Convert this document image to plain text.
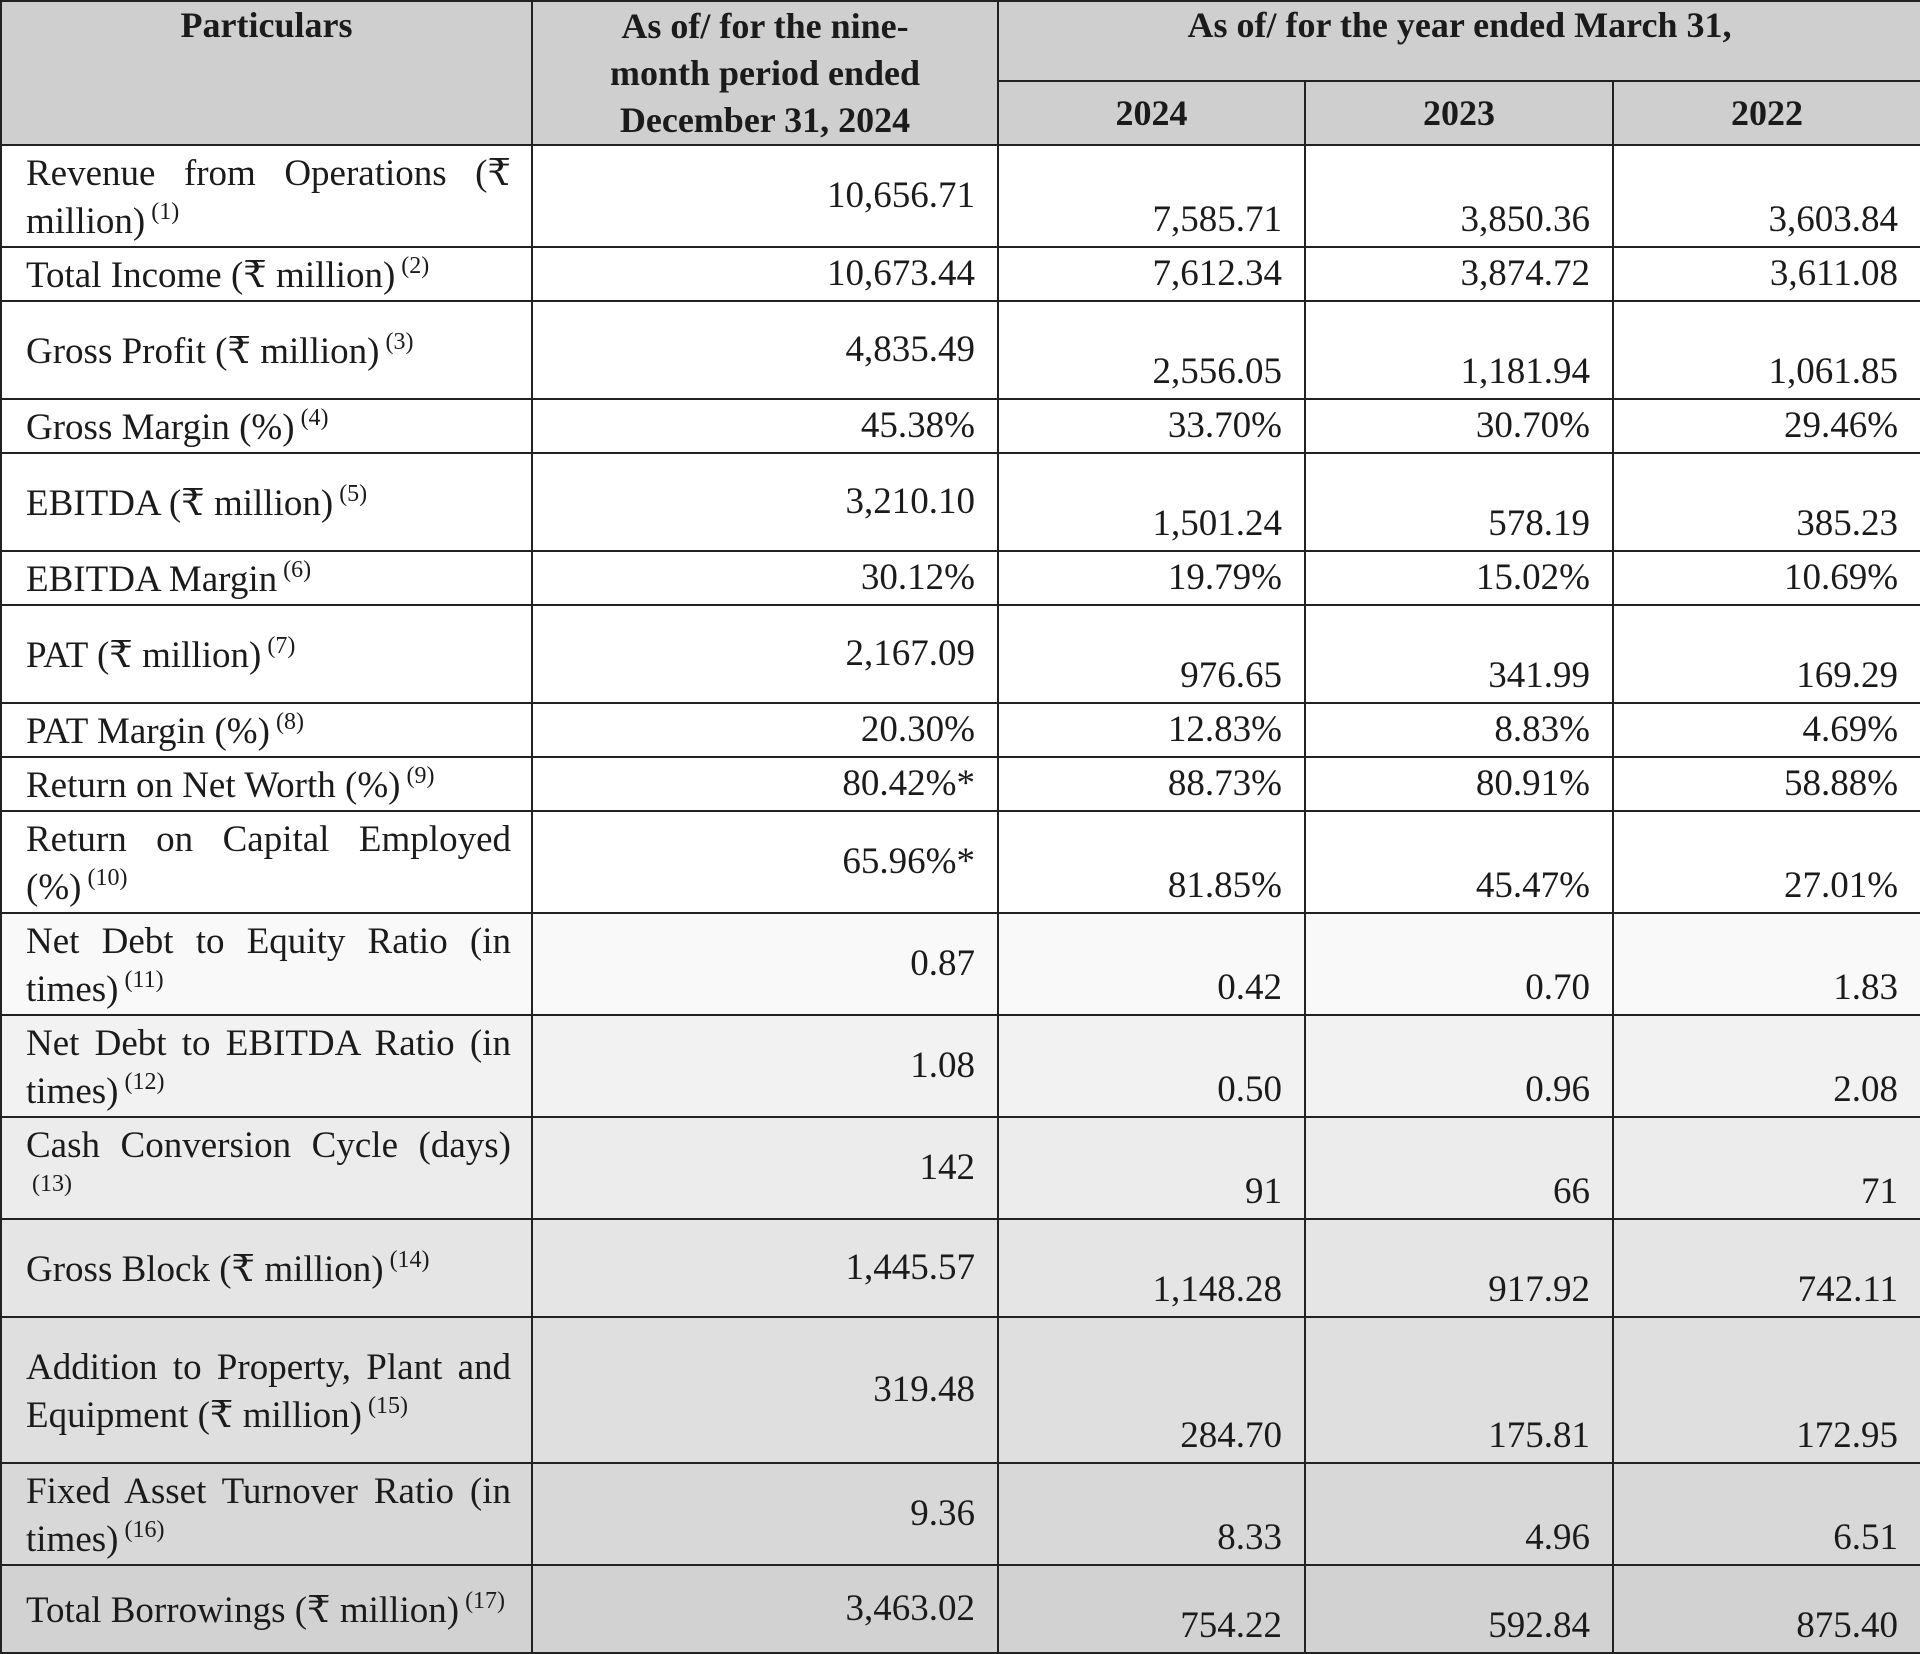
Particulars	As of/ for the nine-month period ended December 31, 2024	As of/ for the year ended March 31,		
		2024	2023	2022
Revenue from Operations (₹ million) $^{(1)}$	10,656.71	7,585.71	3,850.36	3,603.84
Total Income (₹ million) $^{(2)}$	10,673.44	7,612.34	3,874.72	3,611.08
Gross Profit (₹ million) $^{(3)}$	4,835.49	2,556.05	1,181.94	1,061.85
Gross Margin (%) $^{(4)}$	45.38%	33.70%	30.70%	29.46%
EBITDA (₹ million) $^{(5)}$	3,210.10	1,501.24	578.19	385.23
EBITDA Margin $^{(6)}$	30.12%	19.79%	15.02%	10.69%
PAT (₹ million) $^{(7)}$	2,167.09	976.65	341.99	169.29
PAT Margin (%) $^{(8)}$	20.30%	12.83%	8.83%	4.69%
Return on Net Worth (%) $^{(9)}$	80.42%*	88.73%	80.91%	58.88%
Return on Capital Employed (%) $^{(10)}$	65.96%*	81.85%	45.47%	27.01%
Net Debt to Equity Ratio (in times) $^{(11)}$	0.87	0.42	0.70	1.83
Net Debt to EBITDA Ratio (in times) $^{(12)}$	1.08	0.50	0.96	2.08
Cash Conversion Cycle (days)$^{(13)}$	142	91	66	71
Gross Block (₹ million) $^{(14)}$	1,445.57	1,148.28	917.92	742.11
Addition to Property, Plant and Equipment (₹ million) $^{(15)}$	319.48	284.70	175.81	172.95
Fixed Asset Turnover Ratio (in times) $^{(16)}$	9.36	8.33	4.96	6.51
Total Borrowings (₹ million) $^{(17)}$	3,463.02	754.22	592.84	875.40
